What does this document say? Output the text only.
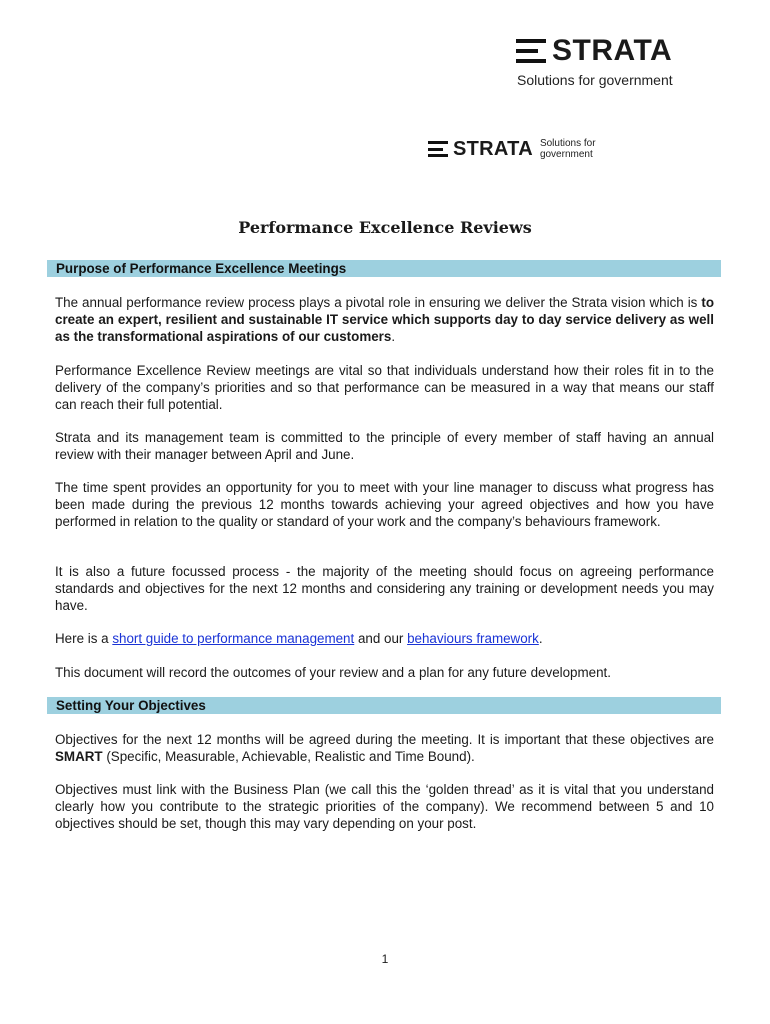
STRATA
Solutions for government
STRATA Solutions for
government
Performance Excellence Reviews
Purpose of Performance Excellence Meetings

The annual performance review process plays a pivotal role in ensuring we deliver the Strata vision which is to create an expert, resilient and sustainable IT service which supports day to day service delivery as well as the transformational aspirations of our customers.

Performance Excellence Review meetings are vital so that individuals understand how their roles fit in to the delivery of the company’s priorities and so that performance can be measured in a way that means our staff can reach their full potential.

Strata and its management team is committed to the principle of every member of staff having an annual review with their manager between April and June.

The time spent provides an opportunity for you to meet with your line manager to discuss what progress has been made during the previous 12 months towards achieving your agreed objectives and how you have performed in relation to the quality or standard of your work and the company’s behaviours framework.

It is also a future focussed process - the majority of the meeting should focus on agreeing performance standards and objectives for the next 12 months and considering any training or development needs you may have.

Here is a short guide to performance management and our behaviours framework.

This document will record the outcomes of your review and a plan for any future development.

Setting Your Objectives

Objectives for the next 12 months will be agreed during the meeting. It is important that these objectives are SMART (Specific, Measurable, Achievable, Realistic and Time Bound).

Objectives must link with the Business Plan (we call this the ‘golden thread’ as it is vital that you understand clearly how you contribute to the strategic priorities of the company). We recommend between 5 and 10 objectives should be set, though this may vary depending on your post.

1
